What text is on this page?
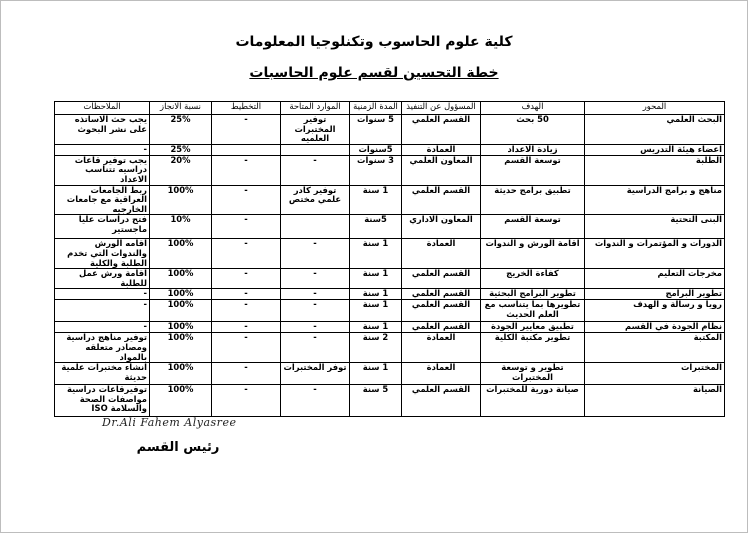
كلية علوم الحاسوب وتكنلوجيا المعلومات
خطة التحسين لقسم علوم الحاسبات
المحور	الهدف	المسؤول عن التنفيذ	المدة الزمنية	الموارد المتاحة	التخطيط	نسبة الانجاز	الملاحظات
البحث العلمي	50 بحث	القسم العلمي	5 سنوات	توفير المختبرات العلميه	-	25%	يجب حث الاساتذه على نشر البحوث
اعضاء هيئة التدريس	زيادة الاعداد	العمادة	5سنوات			25%	-
الطلبة	توسعة القسم	المعاون العلمي	3 سنوات	-	-	20%	يجب توفير قاعات دراسيه تتناسب الاعداد
مناهج و برامج الدراسية	تطبيق برامج حديثة	القسم العلمي	1 سنة	توفير كادر علمي مختص	-	100%	ربط الجامعات العراقية مع جامعات الخارجيه
البنى التحتية	توسعة القسم	المعاون الاداري	5سنة		-	10%	فتح دراسات عليا ماجستير
الدورات و المؤتمرات و الندوات	اقامة الورش و الندوات	العمادة	1 سنة	-	-	100%	اقامه الورش والندوات التي تخدم الطلبة والكلية
مخرجات التعليم	كفاءة الخريج	القسم العلمي	1 سنة	-	-	100%	اقامة ورش عمل للطلبة
تطوير البرامج	تطوير البرامج البحثية	القسم العلمي	1 سنة	-	-	100%	-
رويا و رسالة و الهدف	تطويرها بما يتناسب مع العلم الحديث	القسم العلمي	1 سنة	-	-	100%	-
نظام الجودة في القسم	تطبيق معايير الجودة	القسم العلمي	1 سنة	-	-	100%	-
المكتبة	تطوير مكتبة الكلية	العمادة	2 سنة	-	-	100%	توفير مناهج دراسية ومصادر متعلقه بالمواد
المختبرات	تطوير و توسعة المختبرات	العمادة	1 سنة	توفر المختبرات	-	100%	انشاء مختبرات علمية حديثة
الصيانة	صيانة دورية للمختبرات	القسم العلمي	5 سنة	-	-	100%	توفيرقاعات دراسية مواصفات الصحة والسلامة ISO
Dr.Ali Fahem Alyasree
رئيس القسم
